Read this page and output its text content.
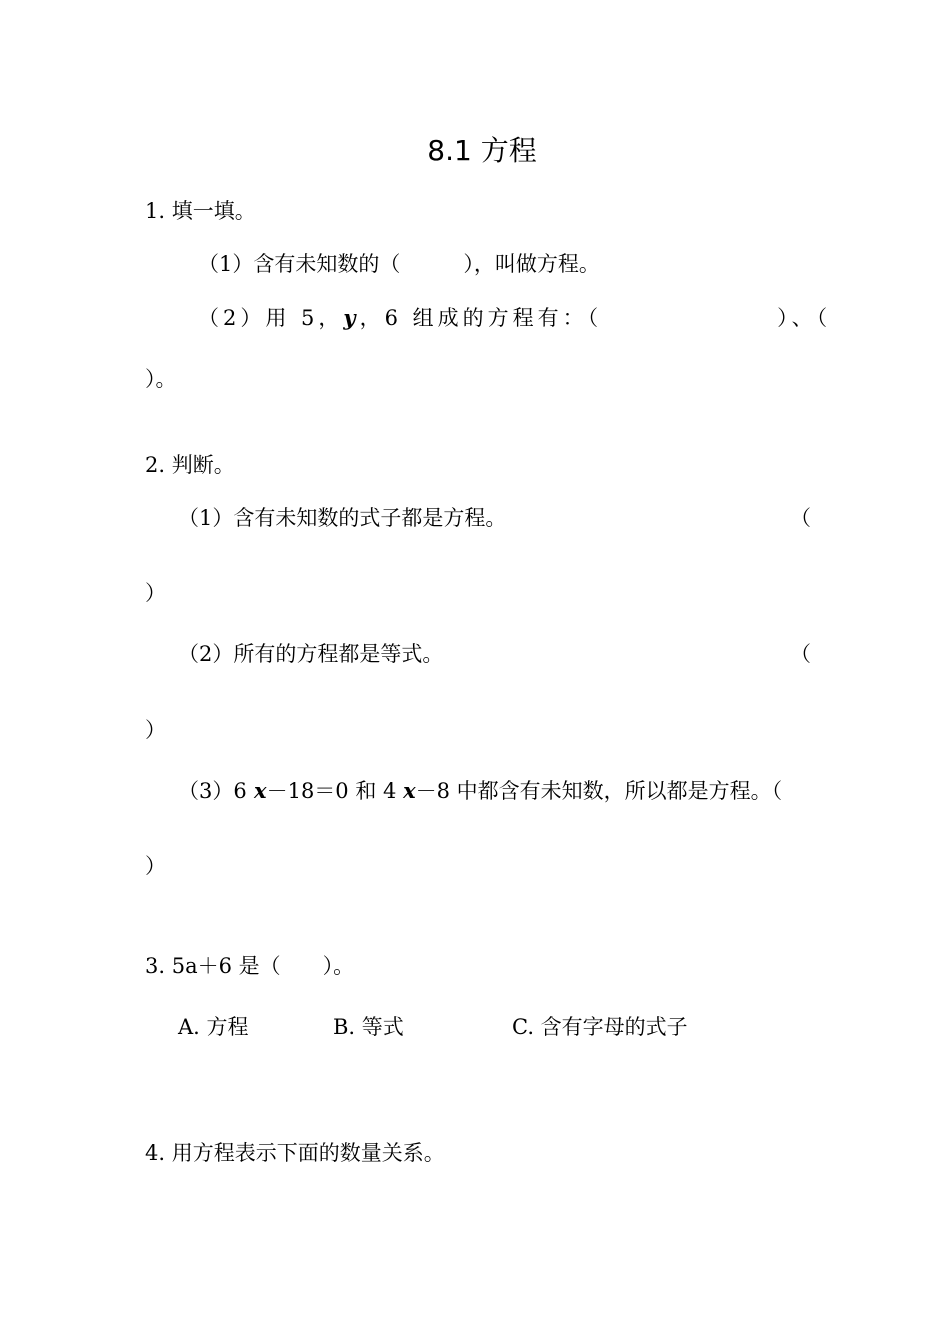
8.1 方程
1. 填一填。
（1）含有未知数的（　　　），叫做方程。
（2）用 5，y，6 组成的方程有：（　　　　　　　）、（
）。
2. 判断。
（1）含有未知数的式子都是方程。	（
）
（2）所有的方程都是等式。	（
）
（3）6 x－18＝0 和 4 x－8 中都含有未知数，所以都是方程。（
）
3. 5a＋6 是（　　）。
A. 方程	B. 等式	C. 含有字母的式子
4. 用方程表示下面的数量关系。
